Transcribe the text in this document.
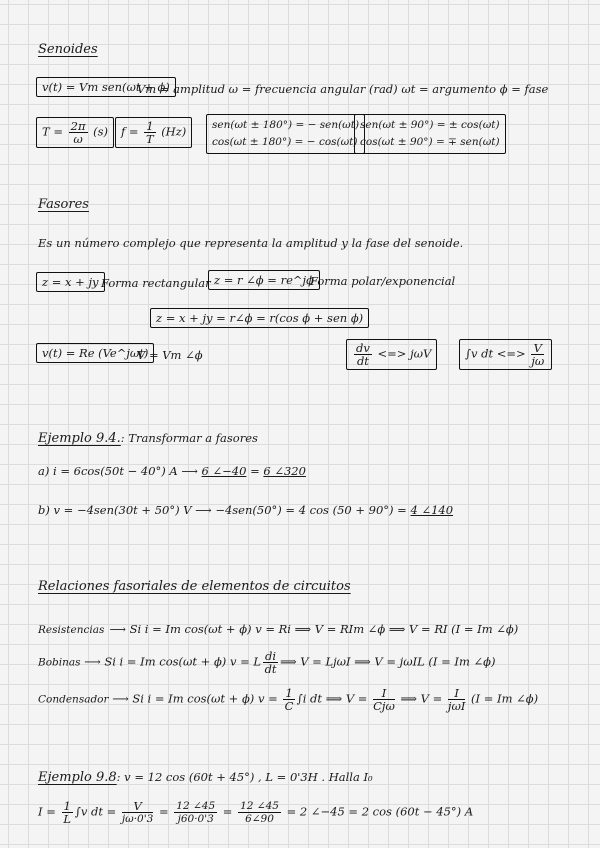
Senoides
v(t) = Vm sen(ωt + ϕ)
Vm = amplitud ω = frecuencia angular (rad) ωt = argumento ϕ = fase
$T = \frac{2\pi}{\omega} (s)$	$f = \frac{1}{T} (Hz)$	sen(ωt ± 180°) = − sen(ωt)
cos(ωt ± 180°) = − cos(ωt)
sen(ωt ± 90°) = ± cos(ωt)
cos(ωt ± 90°) = ∓ sen(ωt)
Fasores
Es un número complejo que representa la amplitud y la fase del senoide.
z = x + jy Forma rectangular z = r ∠ϕ = re^jϕ
Forma polar/exponencial
z = x + jy = r∠ϕ = r(cos ϕ + sen ϕ)
v(t) = Re (Ve^jωt)
V = Vm ∠ϕ	$\frac{dv}{dt}$ <=> jωV	∫v dt <=> $\frac{V}{j\omega}$
Ejemplo 9.4.: Transformar a fasores
a) i = 6cos(50t − 40°) A ⟶ 6 ∠−40 = 6 ∠320
b) v = −4sen(30t + 50°) V ⟶ −4sen(50°) = 4 cos (50 + 90°) = 4 ∠140
Relaciones fasoriales de elementos de circuitos
Resistencias ⟶ Si i = Im cos(ωt + ϕ) v = Ri ⟹ V = RIm ∠ϕ ⟹ V = RI (I = Im ∠ϕ)
Bobinas ⟶ Si i = Im cos(ωt + ϕ) v = L $\frac{di}{dt}$ ⟹ V = LjωI ⟹ V = jωIL (I = Im ∠ϕ)
Condensador ⟶ Si i = Im cos(ωt + ϕ) $v = \frac{1}{C} \int i$ dt ⟹ $V = \frac{I}{\text{Cjω}}$ ⟹ $V = \frac{I}{\text{jωI}} (I = Im$ ∠ϕ)
Ejemplo 9.8: v = 12 cos (60t + 45°) , L = 0'3H . Halla I₀
$I = \frac{1}{L} \int v$ dt = $\frac{V}{j\omega\cdot 0'3} = \frac{12 \angle 45}{j60\cdot 0'3} = \frac{12 \angle 45}{6\angle 90} = 2$ ∠−45 = 2 cos (60t − 45°) A
